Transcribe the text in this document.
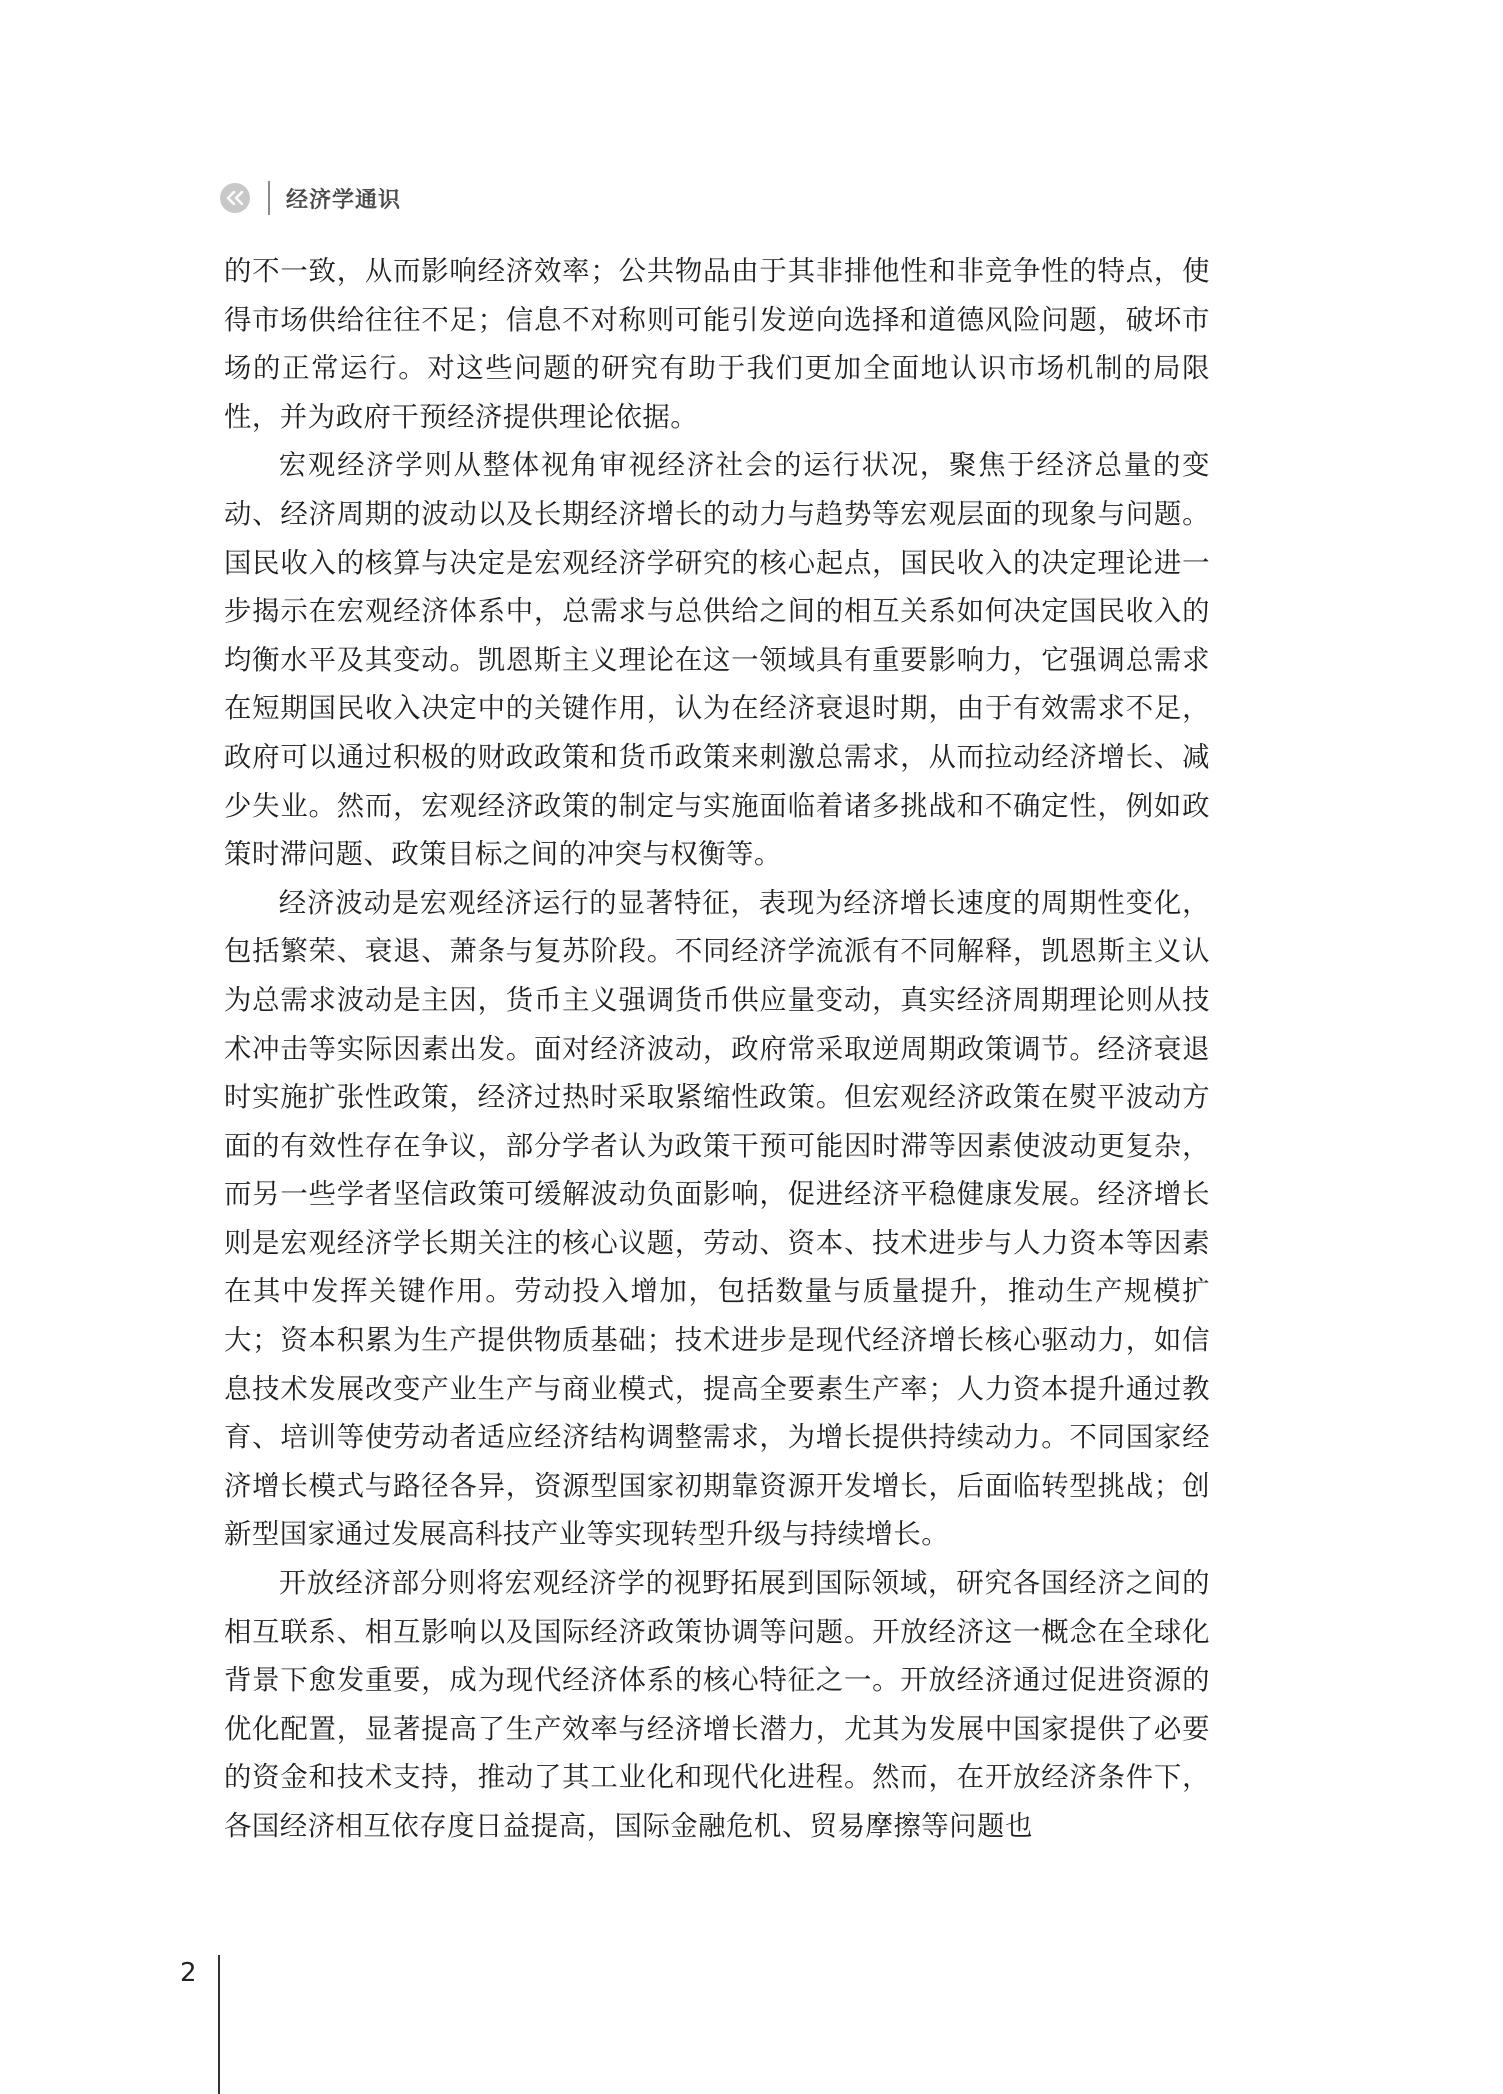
经济学通识

的不一致，从而影响经济效率；公共物品由于其非排他性和非竞争性的特点，使得市场供给往往不足；信息不对称则可能引发逆向选择和道德风险问题，破坏市场的正常运行。对这些问题的研究有助于我们更加全面地认识市场机制的局限性，并为政府干预经济提供理论依据。

宏观经济学则从整体视角审视经济社会的运行状况，聚焦于经济总量的变动、经济周期的波动以及长期经济增长的动力与趋势等宏观层面的现象与问题。国民收入的核算与决定是宏观经济学研究的核心起点，国民收入的决定理论进一步揭示在宏观经济体系中，总需求与总供给之间的相互关系如何决定国民收入的均衡水平及其变动。凯恩斯主义理论在这一领域具有重要影响力，它强调总需求在短期国民收入决定中的关键作用，认为在经济衰退时期，由于有效需求不足，政府可以通过积极的财政政策和货币政策来刺激总需求，从而拉动经济增长、减少失业。然而，宏观经济政策的制定与实施面临着诸多挑战和不确定性，例如政策时滞问题、政策目标之间的冲突与权衡等。

经济波动是宏观经济运行的显著特征，表现为经济增长速度的周期性变化，包括繁荣、衰退、萧条与复苏阶段。不同经济学流派有不同解释，凯恩斯主义认为总需求波动是主因，货币主义强调货币供应量变动，真实经济周期理论则从技术冲击等实际因素出发。面对经济波动，政府常采取逆周期政策调节。经济衰退时实施扩张性政策，经济过热时采取紧缩性政策。但宏观经济政策在熨平波动方面的有效性存在争议，部分学者认为政策干预可能因时滞等因素使波动更复杂，而另一些学者坚信政策可缓解波动负面影响，促进经济平稳健康发展。经济增长则是宏观经济学长期关注的核心议题，劳动、资本、技术进步与人力资本等因素在其中发挥关键作用。劳动投入增加，包括数量与质量提升，推动生产规模扩大；资本积累为生产提供物质基础；技术进步是现代经济增长核心驱动力，如信息技术发展改变产业生产与商业模式，提高全要素生产率；人力资本提升通过教育、培训等使劳动者适应经济结构调整需求，为增长提供持续动力。不同国家经济增长模式与路径各异，资源型国家初期靠资源开发增长，后面临转型挑战；创新型国家通过发展高科技产业等实现转型升级与持续增长。

开放经济部分则将宏观经济学的视野拓展到国际领域，研究各国经济之间的相互联系、相互影响以及国际经济政策协调等问题。开放经济这一概念在全球化背景下愈发重要，成为现代经济体系的核心特征之一。开放经济通过促进资源的优化配置，显著提高了生产效率与经济增长潜力，尤其为发展中国家提供了必要的资金和技术支持，推动了其工业化和现代化进程。然而，在开放经济条件下，各国经济相互依存度日益提高，国际金融危机、贸易摩擦等问题也

2
